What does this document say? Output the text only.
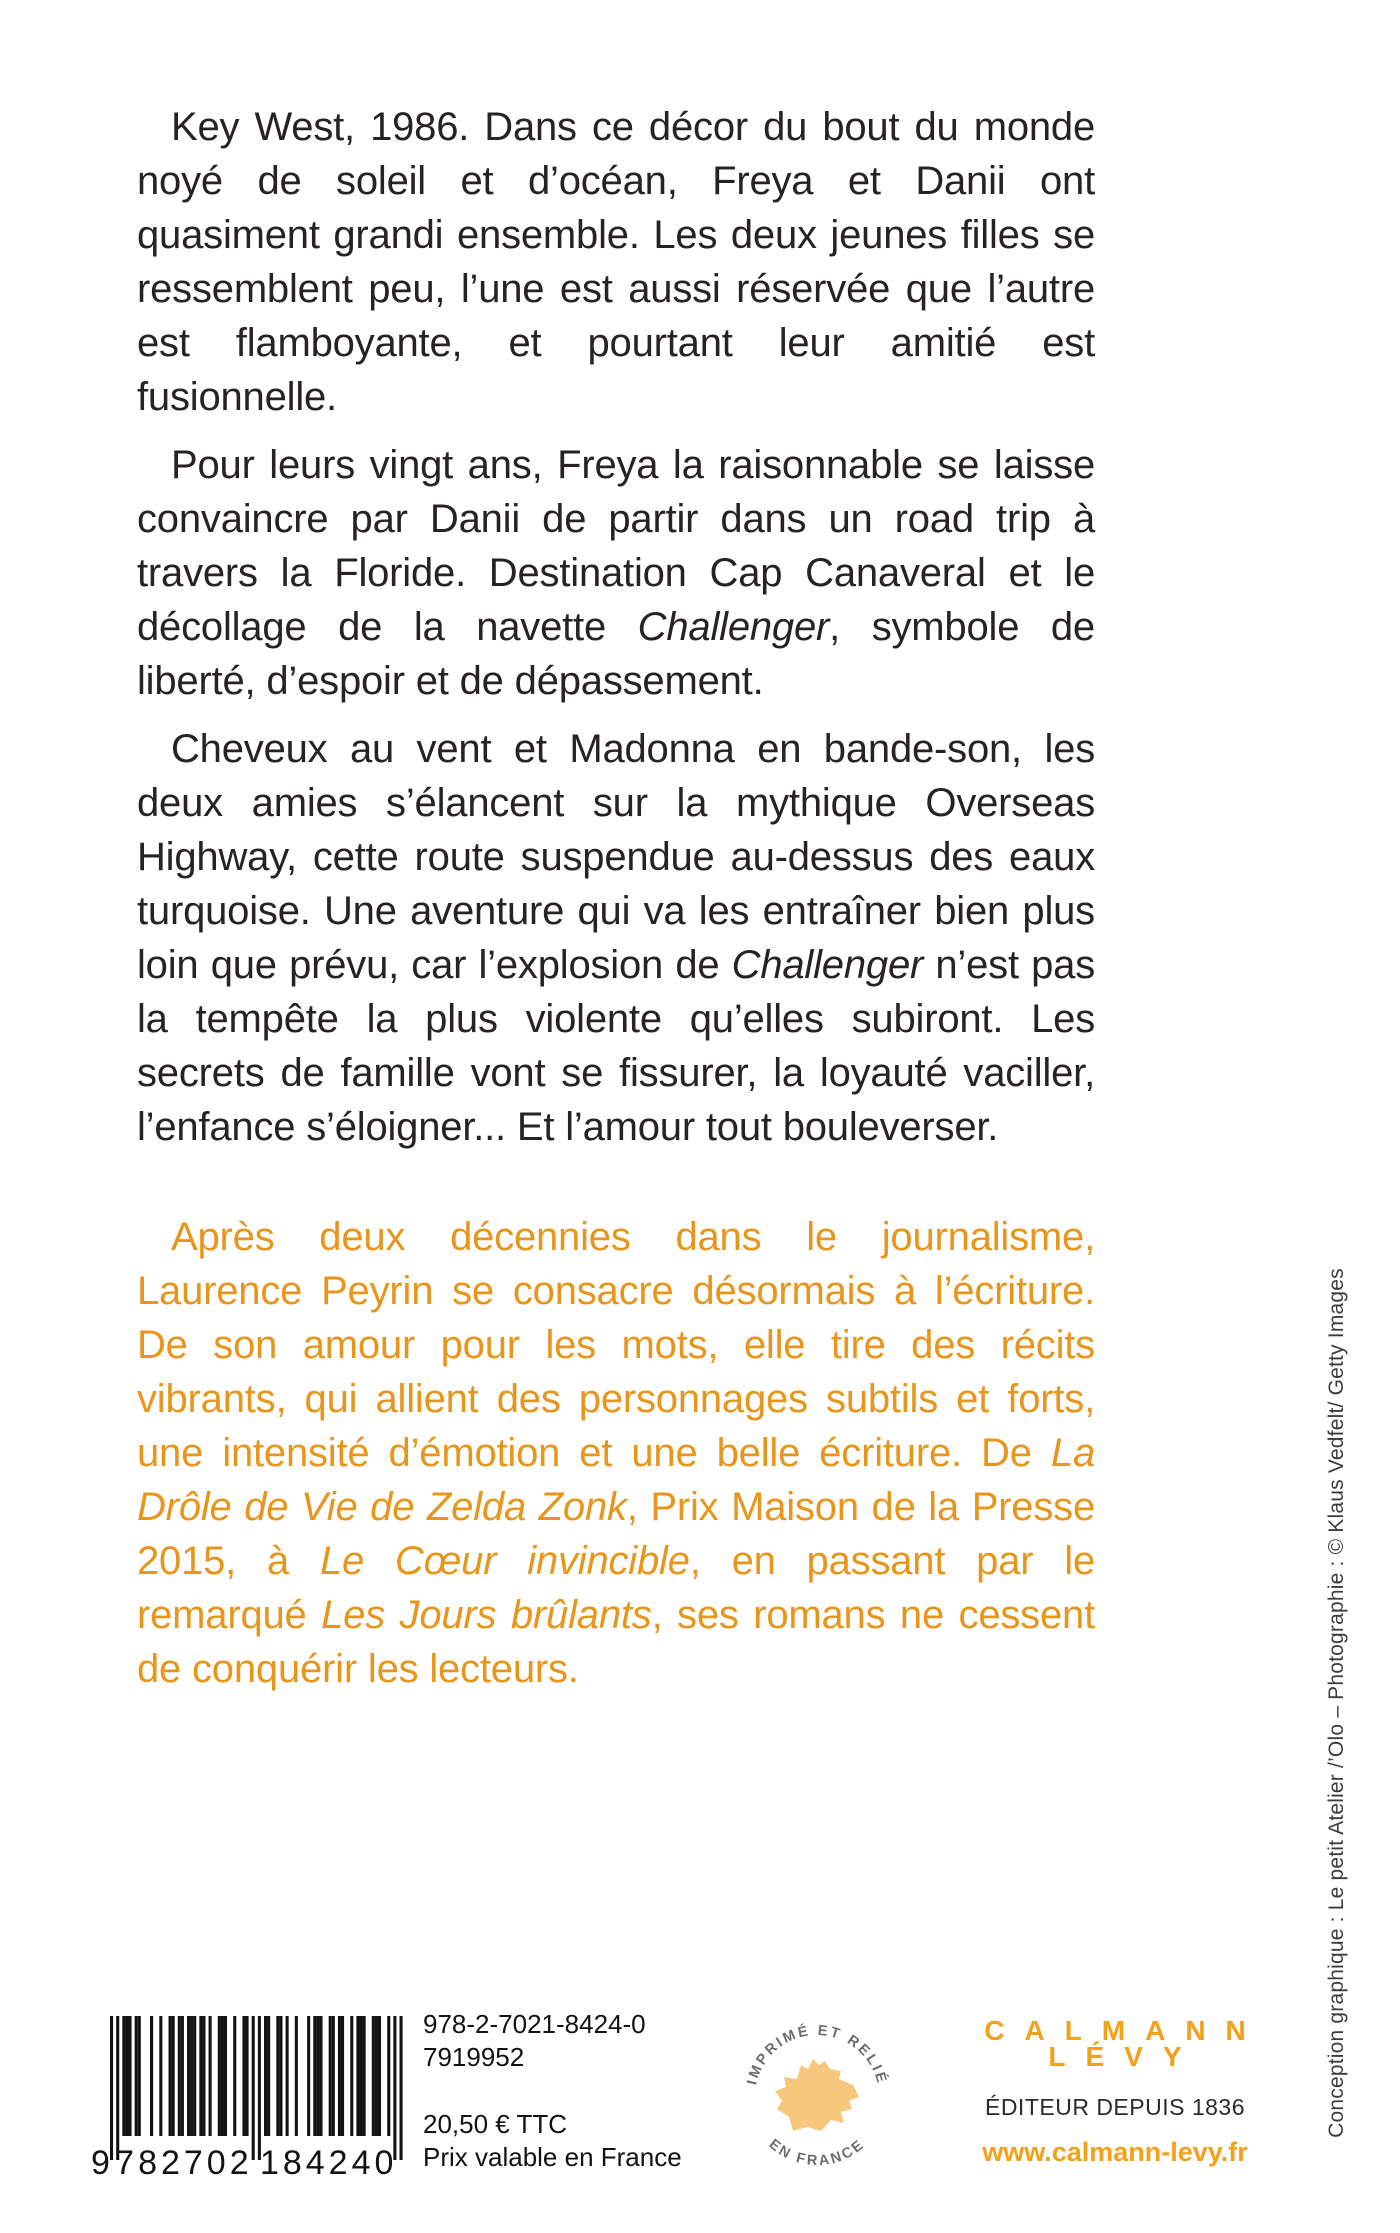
Key West, 1986. Dans ce décor du bout du monde noyé de soleil et d’océan, Freya et Danii ont quasiment grandi ensemble. Les deux jeunes filles se ressemblent peu, l’une est aussi réservée que l’autre est flamboyante, et pourtant leur amitié est fusionnelle.

Pour leurs vingt ans, Freya la raisonnable se laisse convaincre par Danii de partir dans un road trip à travers la Floride. Destination Cap Canaveral et le décollage de la navette Challenger, symbole de liberté, d’espoir et de dépassement.

Cheveux au vent et Madonna en bande-son, les deux amies s’élancent sur la mythique Overseas Highway, cette route suspendue au-dessus des eaux turquoise. Une aventure qui va les entraîner bien plus loin que prévu, car l’explosion de Challenger n’est pas la tempête la plus violente qu’elles subiront. Les secrets de famille vont se fissurer, la loyauté vaciller, l’enfance s’éloigner... Et l’amour tout bouleverser.

Après deux décennies dans le journalisme, Laurence Peyrin se consacre désormais à l’écriture. De son amour pour les mots, elle tire des récits vibrants, qui allient des personnages subtils et forts, une intensité d’émotion et une belle écriture. De La Drôle de Vie de Zelda Zonk, Prix Maison de la Presse 2015, à Le Cœur invincible, en passant par le remarqué Les Jours brûlants, ses romans ne cessent de conquérir les lecteurs.

9 782702 184240
978-2-7021-8424-0
7919952
20,50 € TTC
Prix valable en France
IMPRIMÉ ET RELIÉ
EN FRANCE
CALMANN
LÉVY
ÉDITEUR DEPUIS 1836
www.calmann-levy.fr
Conception graphique : Le petit Atelier /’Olo – Photographie : © Klaus Vedfelt/ Getty Images
